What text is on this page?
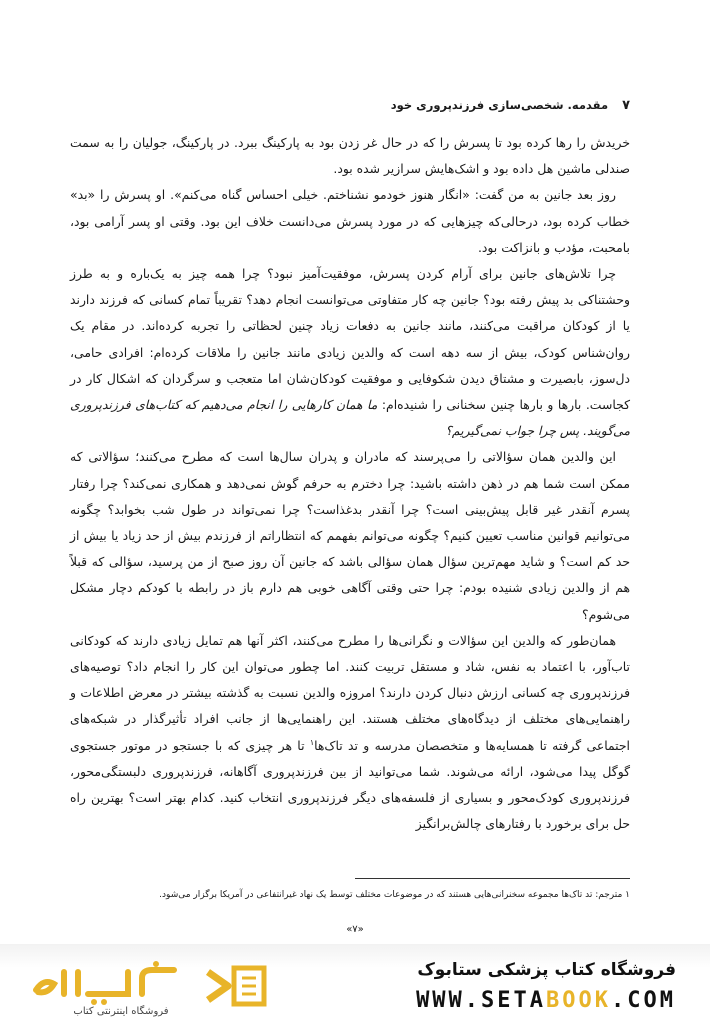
۷
مقدمه. شخصی‌سازی فرزندپروری خود

خریدش را رها کرده بود تا پسرش را که در حال غر زدن بود به پارکینگ ببرد. در پارکینگ، جولیان را به سمت صندلی ماشین هل داده بود و اشک‌هایش سرازیر شده بود.

روز بعد جانین به من گفت: «انگار هنوز خودمو نشناختم. خیلی احساس گناه می‌کنم». او پسرش را «بد» خطاب کرده بود، درحالی‌که چیزهایی که در مورد پسرش می‌دانست خلاف این بود. وقتی او پسر آرامی بود، بامحبت، مؤدب و بانزاکت بود.

چرا تلاش‌های جانین برای آرام کردن پسرش، موفقیت‌آمیز نبود؟ چرا همه چیز به یک‌باره و به طرز وحشتناکی بد پیش رفته بود؟ جانین چه کار متفاوتی می‌توانست انجام دهد؟ تقریباً تمام کسانی که فرزند دارند یا از کودکان مراقبت می‌کنند، مانند جانین به دفعات زیاد چنین لحظاتی را تجربه کرده‌اند. در مقام یک روان‌شناس کودک، بیش از سه دهه است که والدین زیادی مانند جانین را ملاقات کرده‌ام: افرادی حامی، دل‌سوز، بابصیرت و مشتاق دیدن شکوفایی و موفقیت کودکان‌شان اما متعجب و سرگردان که اشکال کار در کجاست. بارها و بارها چنین سخنانی را شنیده‌ام: ما همان کارهایی را انجام می‌دهیم که کتاب‌های فرزندپروری می‌گویند. پس چرا جواب نمی‌گیریم؟

این والدین همان سؤالاتی را می‌پرسند که مادران و پدران سال‌ها است که مطرح می‌کنند؛ سؤالاتی که ممکن است شما هم در ذهن داشته باشید: چرا دخترم به حرفم گوش نمی‌دهد و همکاری نمی‌کند؟ چرا رفتار پسرم آنقدر غیر قابل پیش‌بینی است؟ چرا آنقدر بدغذاست؟ چرا نمی‌تواند در طول شب بخوابد؟ چگونه می‌توانیم قوانین مناسب تعیین کنیم؟ چگونه می‌توانم بفهمم که انتظاراتم از فرزندم بیش از حد زیاد یا بیش از حد کم است؟ و شاید مهم‌ترین سؤال همان سؤالی باشد که جانین آن روز صبح از من پرسید، سؤالی که قبلاً هم از والدین زیادی شنیده بودم: چرا حتی وقتی آگاهی خوبی هم دارم باز در رابطه با کودکم دچار مشکل می‌شوم؟

همان‌طور که والدین این سؤالات و نگرانی‌ها را مطرح می‌کنند، اکثر آنها هم تمایل زیادی دارند که کودکانی تاب‌آور، با اعتماد به نفس، شاد و مستقل تربیت کنند. اما چطور می‌توان این کار را انجام داد؟ توصیه‌های فرزندپروری چه کسانی ارزش دنبال کردن دارند؟ امروزه والدین نسبت به گذشته بیشتر در معرض اطلاعات و راهنمایی‌های مختلف از دیدگاه‌های مختلف هستند. این راهنمایی‌ها از جانب افراد تأثیرگذار در شبکه‌های اجتماعی گرفته تا همسایه‌ها و متخصصان مدرسه و تد تاک‌ها$^۱$ تا هر چیزی که با جستجو در موتور جستجوی گوگل پیدا می‌شود، ارائه می‌شوند. شما می‌توانید از بین فرزندپروری آگاهانه، فرزندپروری دلبستگی‌محور، فرزندپروری کودک‌محور و بسیاری از فلسفه‌های دیگر فرزندپروری انتخاب کنید. کدام بهتر است؟ بهترین راه حل برای برخورد با رفتارهای چالش‌برانگیز

۱ مترجم: تد تاک‌ها مجموعه سخنرانی‌هایی هستند که در موضوعات مختلف توسط یک نهاد غیرانتفاعی در آمریکا برگزار می‌شود.
«۷»
فروشگاه اینترنتی کتاب
فروشگاه کتاب پزشکی ستابوک
WWW.SETABOOK.COM
